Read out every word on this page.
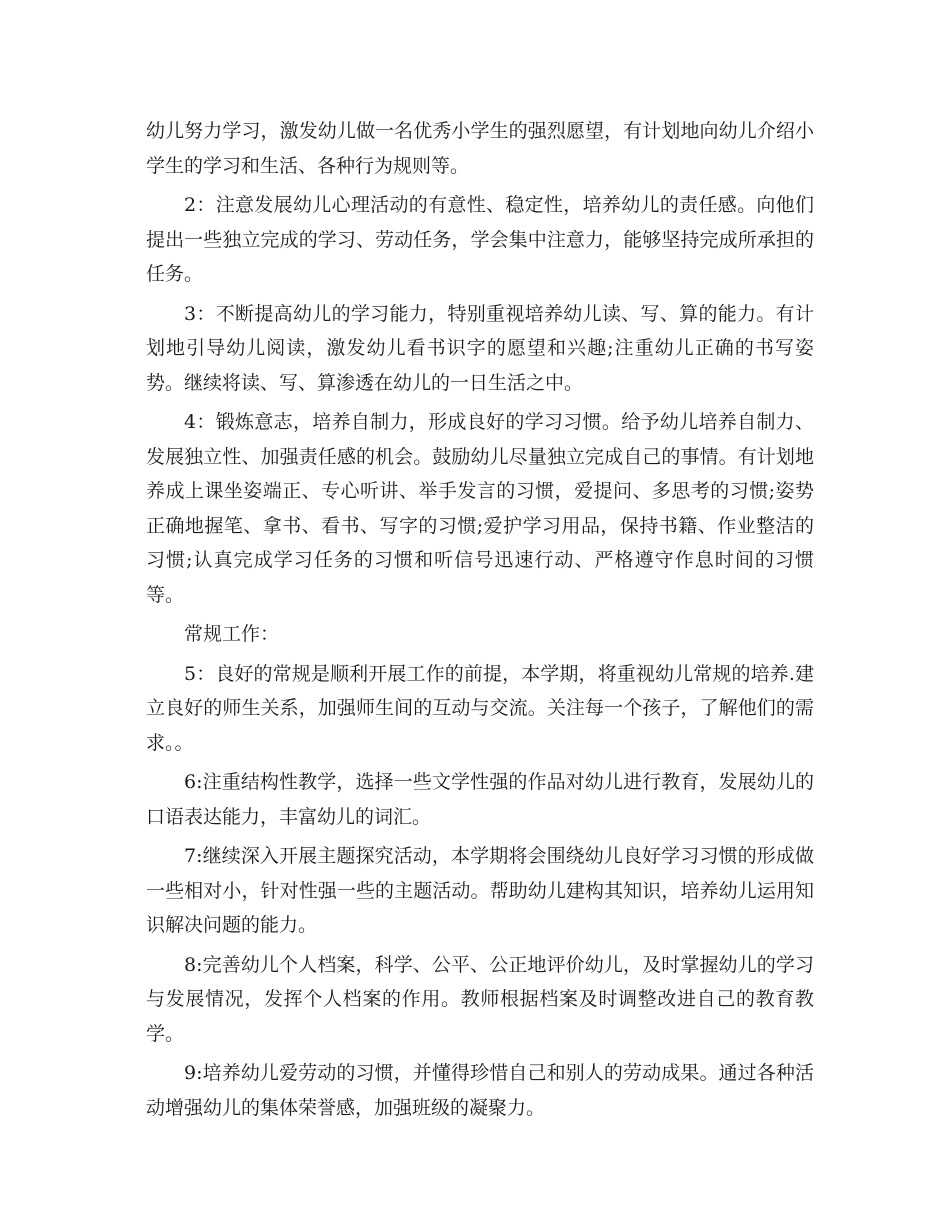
幼儿努力学习，激发幼儿做一名优秀小学生的强烈愿望，有计划地向幼儿介绍小学生的学习和生活、各种行为规则等。

2：注意发展幼儿心理活动的有意性、稳定性，培养幼儿的责任感。向他们提出一些独立完成的学习、劳动任务，学会集中注意力，能够坚持完成所承担的任务。

3：不断提高幼儿的学习能力，特别重视培养幼儿读、写、算的能力。有计划地引导幼儿阅读，激发幼儿看书识字的愿望和兴趣;注重幼儿正确的书写姿势。继续将读、写、算渗透在幼儿的一日生活之中。

4：锻炼意志，培养自制力，形成良好的学习习惯。给予幼儿培养自制力、发展独立性、加强责任感的机会。鼓励幼儿尽量独立完成自己的事情。有计划地养成上课坐姿端正、专心听讲、举手发言的习惯，爱提问、多思考的习惯;姿势正确地握笔、拿书、看书、写字的习惯;爱护学习用品，保持书籍、作业整洁的习惯;认真完成学习任务的习惯和听信号迅速行动、严格遵守作息时间的习惯等。

常规工作：

5：良好的常规是顺利开展工作的前提，本学期，将重视幼儿常规的培养.建立良好的师生关系，加强师生间的互动与交流。关注每一个孩子，了解他们的需求。。

6:注重结构性教学，选择一些文学性强的作品对幼儿进行教育，发展幼儿的口语表达能力，丰富幼儿的词汇。

7:继续深入开展主题探究活动，本学期将会围绕幼儿良好学习习惯的形成做一些相对小，针对性强一些的主题活动。帮助幼儿建构其知识，培养幼儿运用知识解决问题的能力。

8:完善幼儿个人档案，科学、公平、公正地评价幼儿，及时掌握幼儿的学习与发展情况，发挥个人档案的作用。教师根据档案及时调整改进自己的教育教学。

9:培养幼儿爱劳动的习惯，并懂得珍惜自己和别人的劳动成果。通过各种活动增强幼儿的集体荣誉感，加强班级的凝聚力。
